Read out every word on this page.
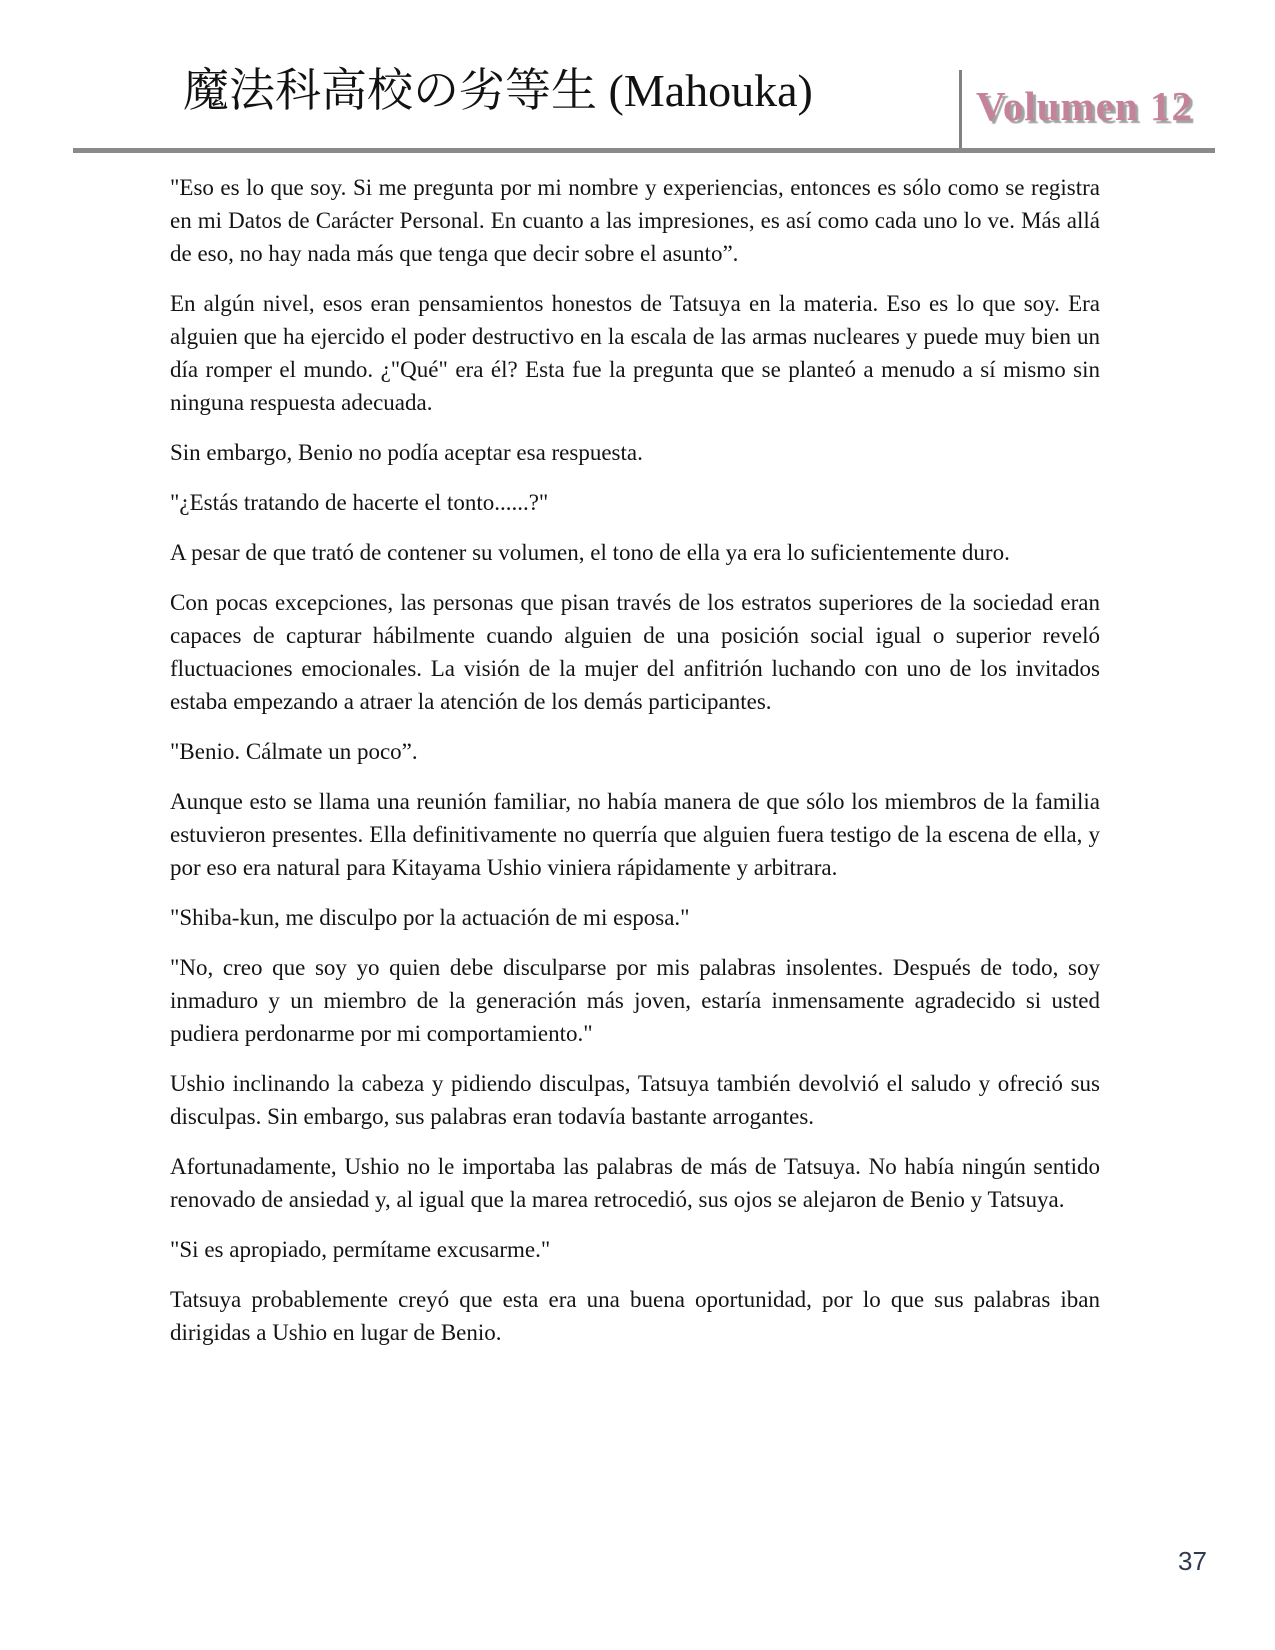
魔法科高校の劣等生 (Mahouka)	Volumen 12

"Eso es lo que soy. Si me pregunta por mi nombre y experiencias, entonces es sólo como se registra en mi Datos de Carácter Personal. En cuanto a las impresiones, es así como cada uno lo ve. Más allá de eso, no hay nada más que tenga que decir sobre el asunto”.

En algún nivel, esos eran pensamientos honestos de Tatsuya en la materia. Eso es lo que soy. Era alguien que ha ejercido el poder destructivo en la escala de las armas nucleares y puede muy bien un día romper el mundo. ¿"Qué" era él? Esta fue la pregunta que se planteó a menudo a sí mismo sin ninguna respuesta adecuada.

Sin embargo, Benio no podía aceptar esa respuesta.

"¿Estás tratando de hacerte el tonto......?"

A pesar de que trató de contener su volumen, el tono de ella ya era lo suficientemente duro.

Con pocas excepciones, las personas que pisan través de los estratos superiores de la sociedad eran capaces de capturar hábilmente cuando alguien de una posición social igual o superior reveló fluctuaciones emocionales. La visión de la mujer del anfitrión luchando con uno de los invitados estaba empezando a atraer la atención de los demás participantes.

"Benio. Cálmate un poco”.

Aunque esto se llama una reunión familiar, no había manera de que sólo los miembros de la familia estuvieron presentes. Ella definitivamente no querría que alguien fuera testigo de la escena de ella, y por eso era natural para Kitayama Ushio viniera rápidamente y arbitrara.

"Shiba-kun, me disculpo por la actuación de mi esposa."

"No, creo que soy yo quien debe disculparse por mis palabras insolentes. Después de todo, soy inmaduro y un miembro de la generación más joven, estaría inmensamente agradecido si usted pudiera perdonarme por mi comportamiento."

Ushio inclinando la cabeza y pidiendo disculpas, Tatsuya también devolvió el saludo y ofreció sus disculpas. Sin embargo, sus palabras eran todavía bastante arrogantes.

Afortunadamente, Ushio no le importaba las palabras de más de Tatsuya. No había ningún sentido renovado de ansiedad y, al igual que la marea retrocedió, sus ojos se alejaron de Benio y Tatsuya.

"Si es apropiado, permítame excusarme."

Tatsuya probablemente creyó que esta era una buena oportunidad, por lo que sus palabras iban dirigidas a Ushio en lugar de Benio.

37
